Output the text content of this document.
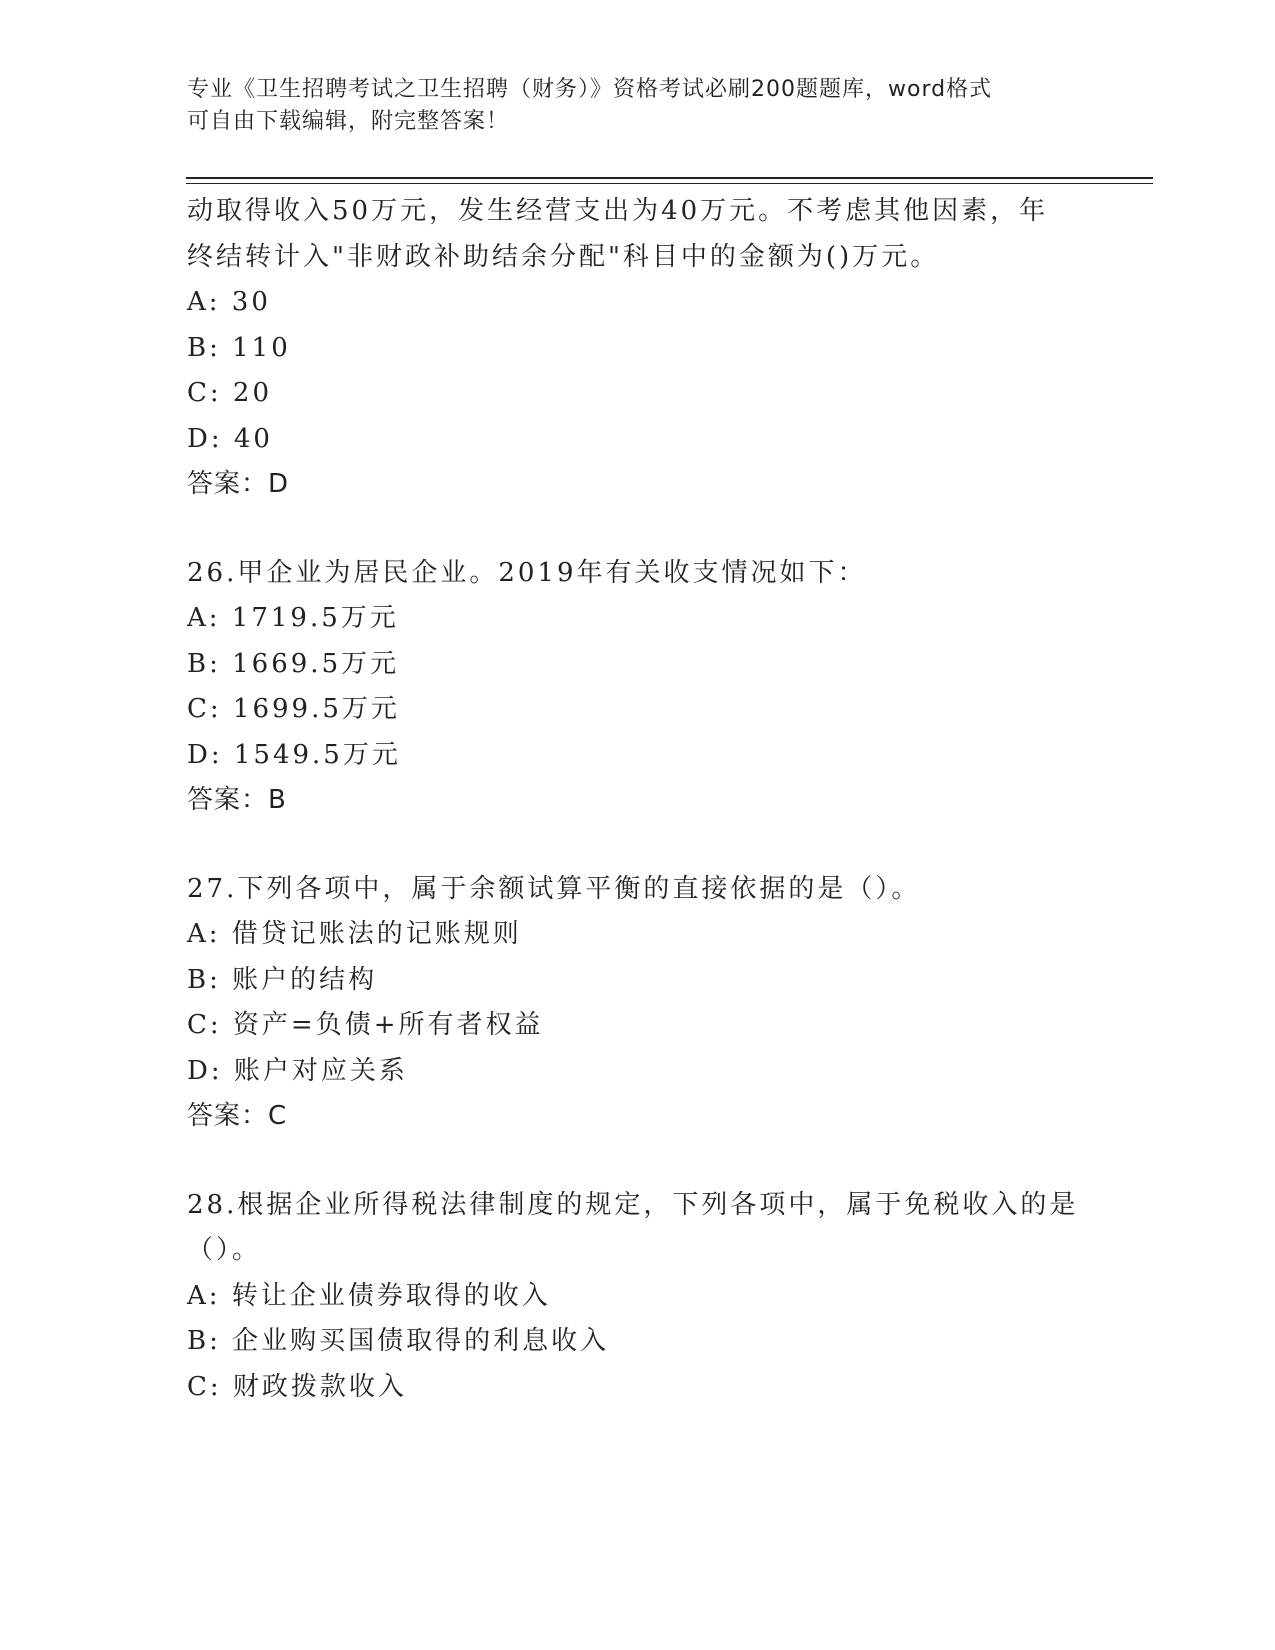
专业《卫生招聘考试之卫生招聘（财务）》资格考试必刷200题题库，word格式
可自由下载编辑，附完整答案！
动取得收入50万元，发生经营支出为40万元。不考虑其他因素，年
终结转计入"非财政补助结余分配"科目中的金额为()万元。
A: 30
B: 110
C: 20
D: 40
答案：D
26.甲企业为居民企业。2019年有关收支情况如下：
A: 1719.5万元
B: 1669.5万元
C: 1699.5万元
D: 1549.5万元
答案：B
27.下列各项中，属于余额试算平衡的直接依据的是（）。
A: 借贷记账法的记账规则
B: 账户的结构
C: 资产=负债+所有者权益
D: 账户对应关系
答案：C
28.根据企业所得税法律制度的规定，下列各项中，属于免税收入的是
（）。
A: 转让企业债券取得的收入
B: 企业购买国债取得的利息收入
C: 财政拨款收入
